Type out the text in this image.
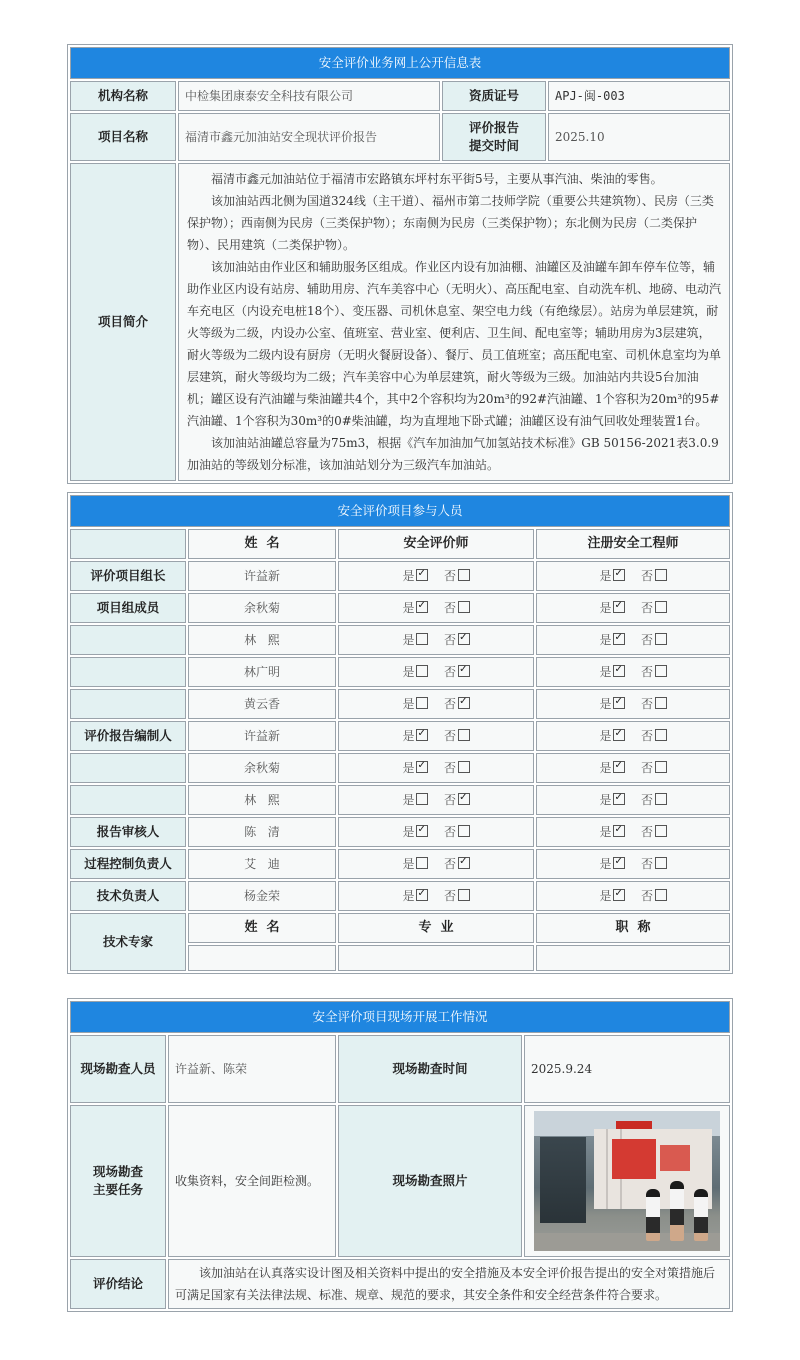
安全评价业务网上公开信息表			
机构名称	中检集团康泰安全科技有限公司	资质证号	APJ-闽-003
项目名称	福清市鑫元加油站安全现状评价报告	评价报告
提交时间	2025.10
项目简介	福清市鑫元加油站位于福清市宏路镇东坪村东平街5号，主要从事汽油、柴油的零售。

该加油站西北侧为国道324线（主干道）、福州市第二技师学院（重要公共建筑物）、民房（三类保护物）；西南侧为民房（三类保护物）；东南侧为民房（三类保护物）；东北侧为民房（二类保护物）、民用建筑（二类保护物）。

该加油站由作业区和辅助服务区组成。作业区内设有加油棚、油罐区及油罐车卸车停车位等，辅助作业区内设有站房、辅助用房、汽车美容中心（无明火）、高压配电室、自动洗车机、地磅、电动汽车充电区（内设充电桩18个）、变压器、司机休息室、架空电力线（有绝缘层）。站房为单层建筑，耐火等级为二级，内设办公室、值班室、营业室、便利店、卫生间、配电室等；辅助用房为3层建筑，耐火等级为二级内设有厨房（无明火餐厨设备）、餐厅、员工值班室；高压配电室、司机休息室均为单层建筑，耐火等级均为二级；汽车美容中心为单层建筑，耐火等级为三级。加油站内共设5台加油机；罐区设有汽油罐与柴油罐共4个，其中2个容积均为20m³的92#汽油罐、1个容积为20m³的95#汽油罐、1个容积为30m³的0#柴油罐，均为直埋地下卧式罐；油罐区设有油气回收处理装置1台。

该加油站油罐总容量为75m3，根据《汽车加油加气加氢站技术标准》GB 50156-2021表3.0.9加油站的等级划分标准，该加油站划分为三级汽车加油站。		

安全评价项目参与人员			
	姓  名	安全评价师	注册安全工程师
评价项目组长	许益新	是 ✓ 否	是 ✓ 否
项目组成员	余秋菊	是 ✓ 否	是 ✓ 否
	林   熙	是 否✓	是 ✓ 否
	林广明	是 否✓	是 ✓ 否
	黄云香	是 否✓	是 ✓ 否
评价报告编制人	许益新	是 ✓ 否	是 ✓ 否
	余秋菊	是 ✓ 否	是 ✓ 否
	林   熙	是 否✓	是 ✓ 否
报告审核人	陈   清	是 ✓ 否	是 ✓ 否
过程控制负责人	艾   迪	是 否✓	是 ✓ 否
技术负责人	杨金荣	是 ✓ 否	是 ✓ 否
技术专家	姓  名	专  业	职  称

安全评价项目现场开展工作情况			
现场勘查人员	许益新、陈荣	现场勘查时间	2025.9.24

现场勘查
主要任务	收集资料，安全间距检测。	现场勘查照片	

评价结论	该加油站在认真落实设计图及相关资料中提出的安全措施及本安全评价报告提出的安全对策措施后可满足国家有关法律法规、标准、规章、规范的要求，其安全条件和安全经营条件符合要求。		
